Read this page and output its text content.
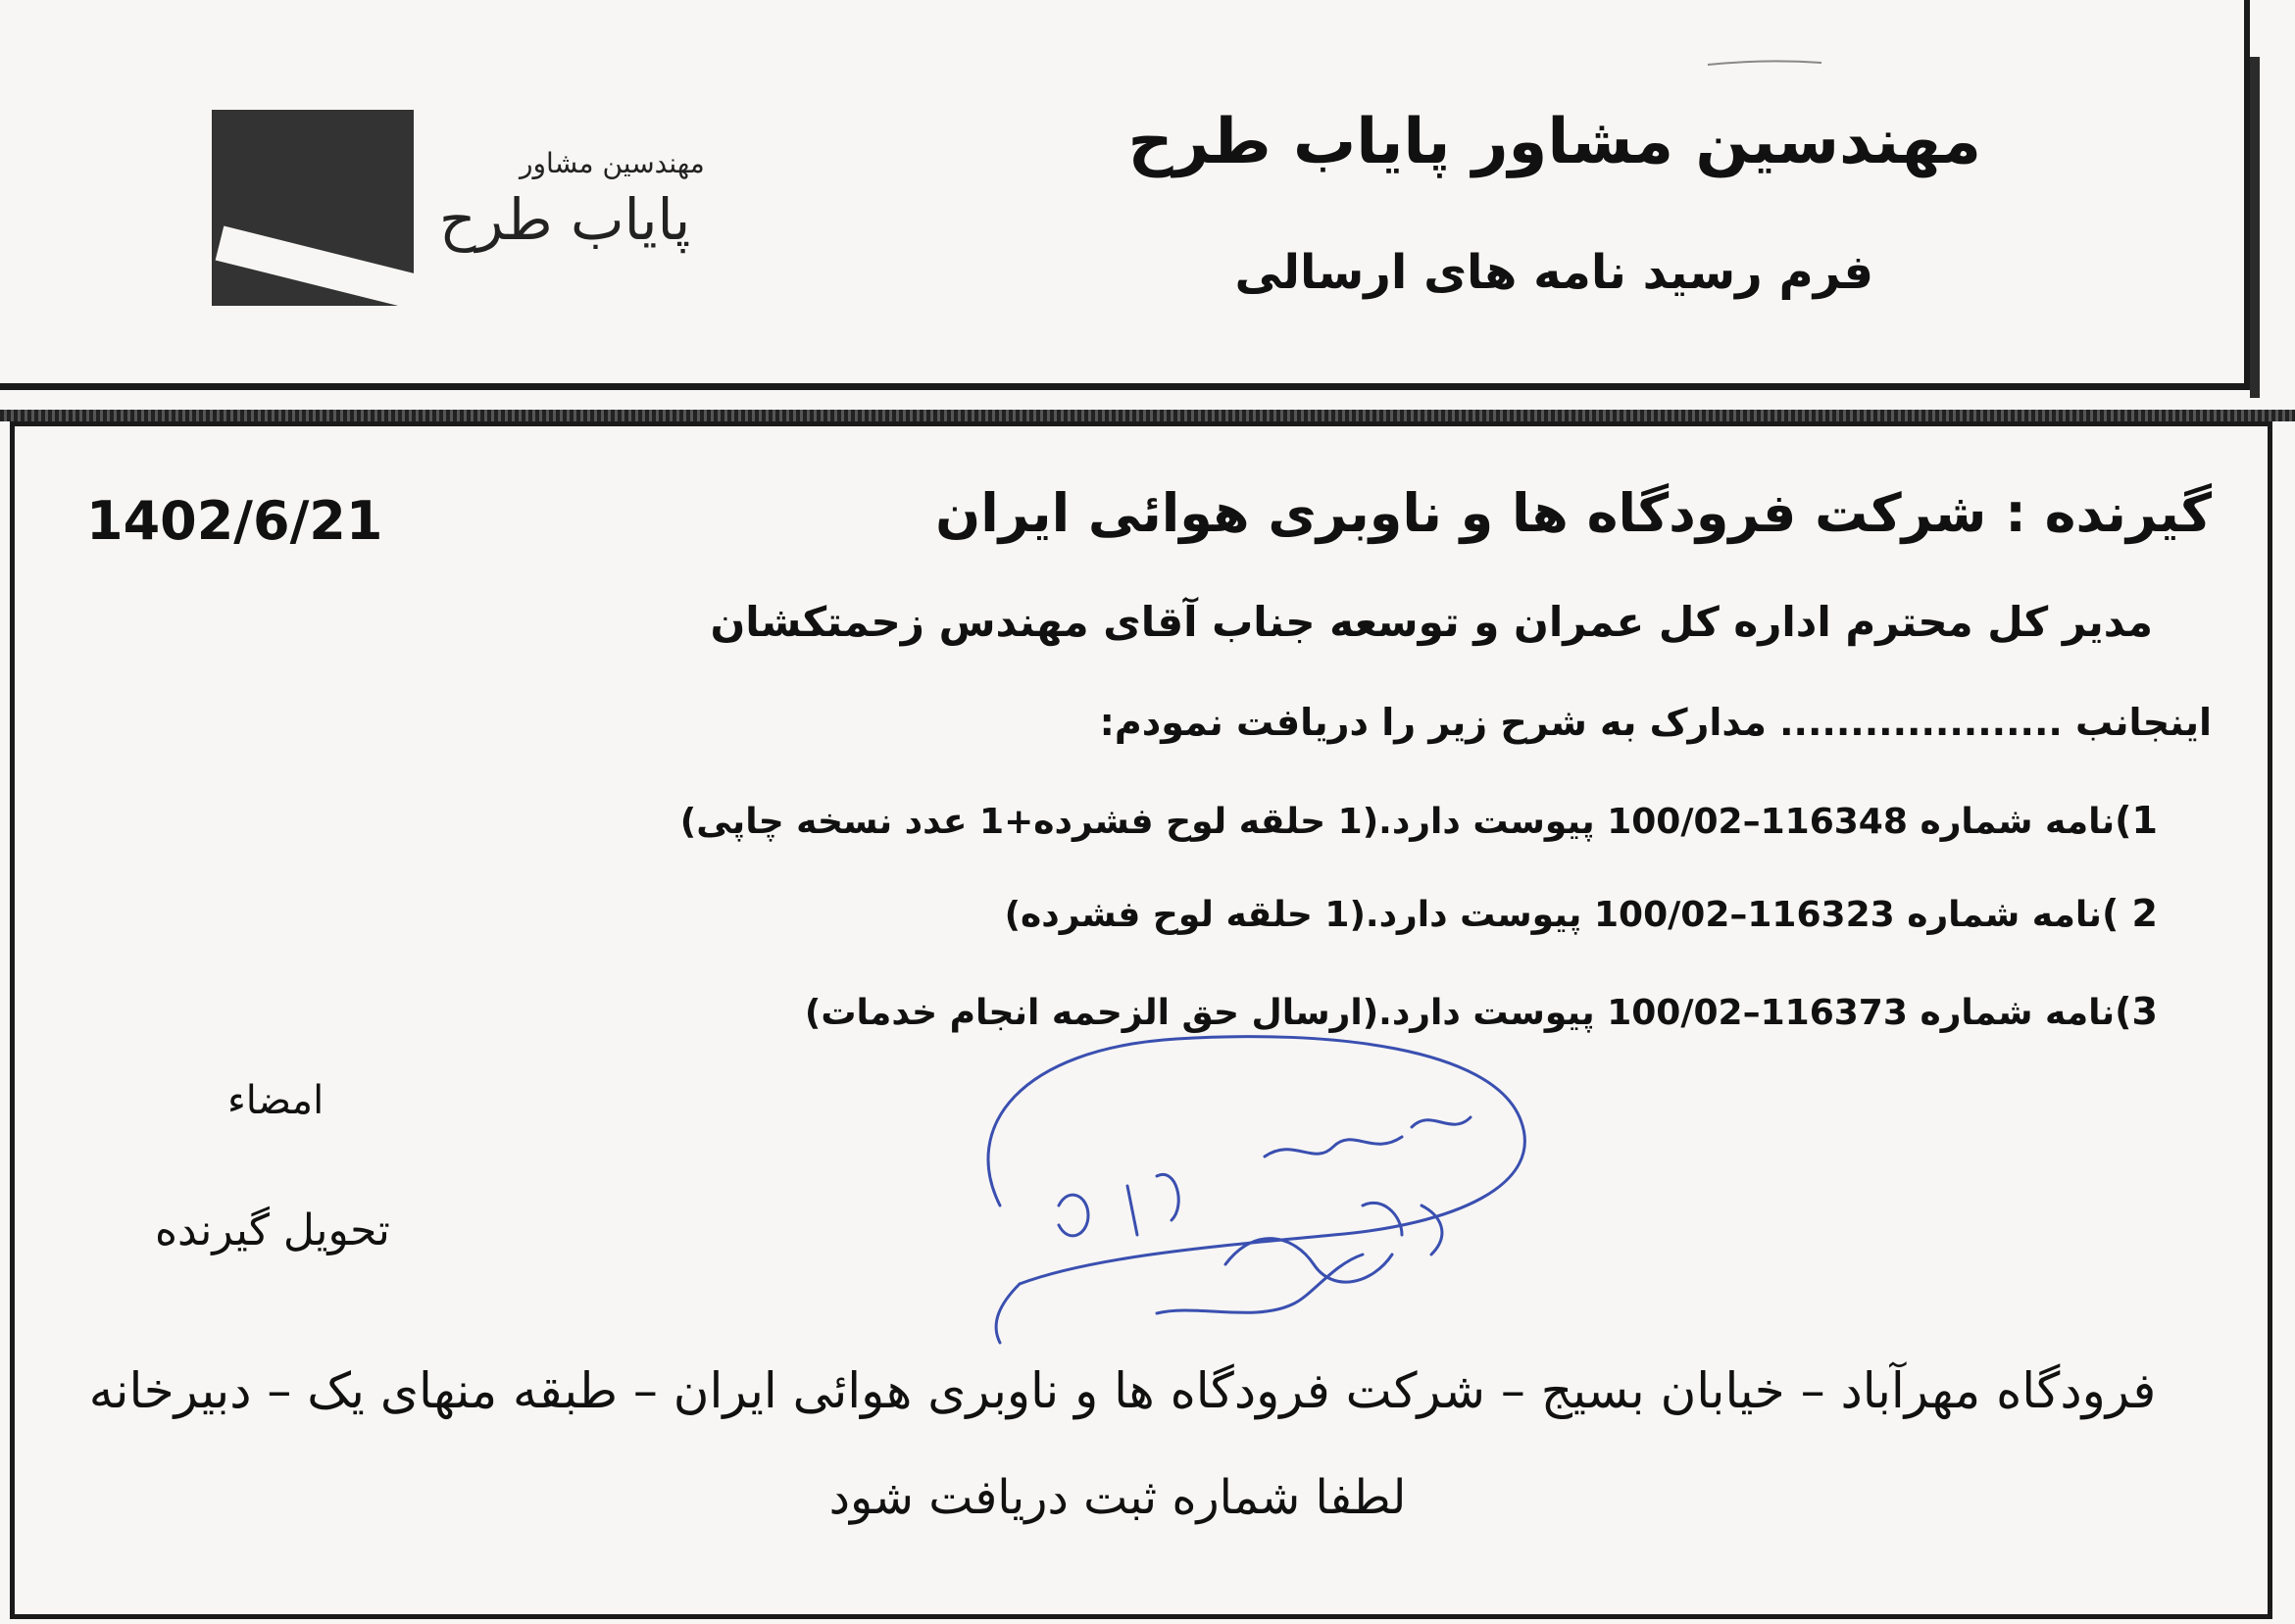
مهندسین مشاور
پایاب طرح
مهندسین مشاور پایاب طرح
فرم رسید نامه های ارسالی
گیرنده : شرکت فرودگاه ها و ناوبری هوائی ایران
1402/6/21
مدیر کل محترم اداره کل عمران و توسعه جناب آقای مهندس زحمتکشان
اینجانب .................... مدارک به شرح زیر را دریافت نمودم:
1)نامه شماره 116348–100/02 پیوست دارد.(1 حلقه لوح فشرده+1 عدد نسخه چاپی)
2 )نامه شماره 116323–100/02 پیوست دارد.(1 حلقه لوح فشرده)
3)نامه شماره 116373–100/02 پیوست دارد.(ارسال حق الزحمه انجام خدمات)
امضاء
تحویل گیرنده
فرودگاه مهرآباد – خیابان بسیج – شرکت فرودگاه ها و ناوبری هوائی ایران – طبقه منهای یک – دبیرخانه
لطفا شماره ثبت دریافت شود
